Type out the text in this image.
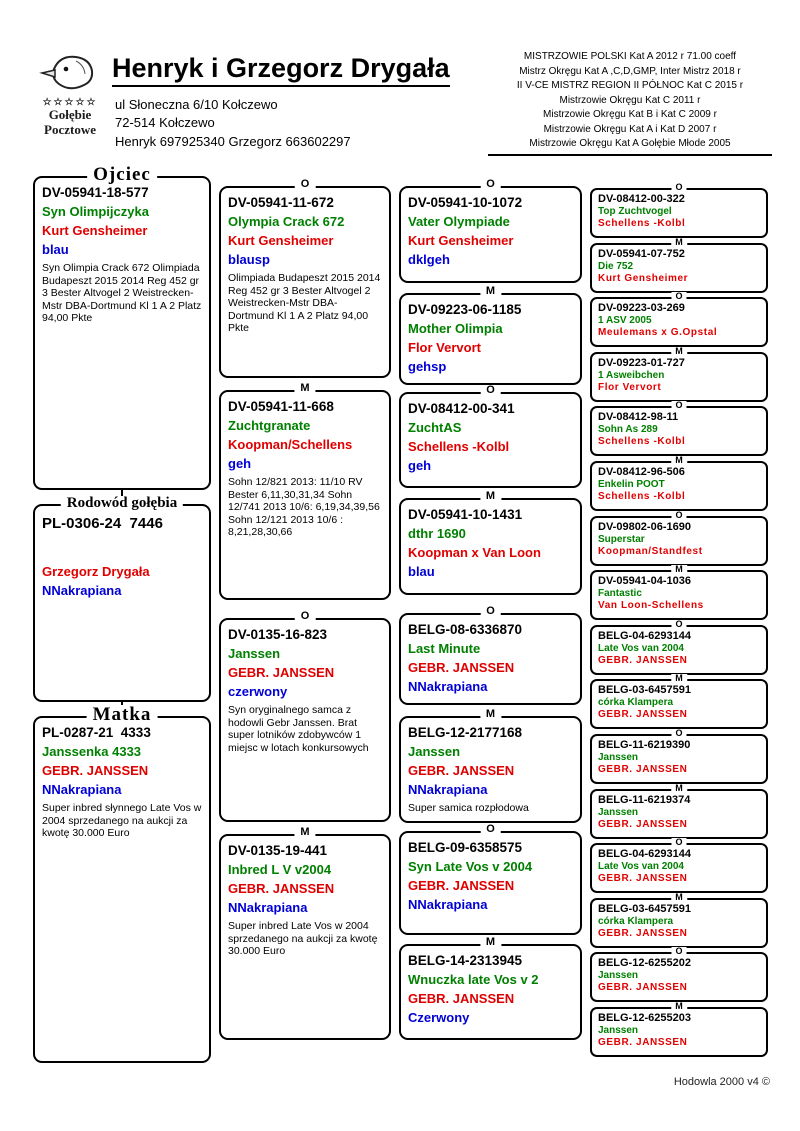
☆☆☆☆☆
Gołębie
Pocztowe
Henryk i Grzegorz Drygała
ul Słoneczna 6/10 Kołczewo
72-514 Kołczewo
Henryk 697925340 Grzegorz 663602297
MISTRZOWIE POLSKI Kat A 2012 r 71.00 coeff
Mistrz Okręgu Kat A ,C,D,GMP, Inter Mistrz 2018 r
II V-CE MISTRZ REGION II PÓŁNOC Kat C 2015 r
Mistrzowie Okręgu Kat C 2011 r
Mistrzowie Okręgu Kat B i Kat C 2009 r
Mistrzowie Okręgu Kat A i Kat D 2007 r
Mistrzowie Okręgu Kat A Gołębie Młode 2005
Ojciec
DV-05941-18-577
Syn Olimpijczyka
Kurt Gensheimer
blau
Syn Olimpia Crack 672 Olimpiada Budapeszt 2015 2014 Reg 452 gr 3 Bester Altvogel 2 Weistrecken-Mstr DBA-Dortmund Kl 1 A 2 Platz 94,00 Pkte
Rodowód gołębia
PL-0306-24  7446
Grzegorz Drygała
NNakrapiana
Matka
PL-0287-21  4333
Janssenka 4333
GEBR. JANSSEN
NNakrapiana
Super inbred słynnego Late Vos w 2004 sprzedanego na aukcji za kwotę 30.000 Euro
O
DV-05941-11-672
Olympia Crack 672
Kurt Gensheimer
blausp
Olimpiada Budapeszt 2015 2014 Reg 452 gr 3 Bester Altvogel 2 Weistrecken-Mstr DBA-Dortmund Kl 1 A 2 Platz 94,00 Pkte
M
DV-05941-11-668
Zuchtgranate
Koopman/Schellens
geh
Sohn 12/821 2013: 11/10 RV Bester 6,11,30,31,34 Sohn 12/741 2013 10/6: 6,19,34,39,56 Sohn 12/121 2013 10/6 : 8,21,28,30,66
O
DV-0135-16-823
Janssen
GEBR. JANSSEN
czerwony
Syn oryginalnego samca z hodowli Gebr Janssen. Brat super lotników zdobywców 1 miejsc w lotach konkursowych
M
DV-0135-19-441
Inbred L V v2004
GEBR. JANSSEN
NNakrapiana
Super inbred Late Vos w 2004 sprzedanego na aukcji za kwotę 30.000 Euro
O
DV-05941-10-1072
Vater Olympiade
Kurt Gensheimer
dklgeh
M
DV-09223-06-1185
Mother Olimpia
Flor Vervort
gehsp
O
DV-08412-00-341
ZuchtAS
Schellens -Kolbl
geh
M
DV-05941-10-1431
dthr 1690
Koopman x Van Loon
blau
O
BELG-08-6336870
Last Minute
GEBR. JANSSEN
NNakrapiana
M
BELG-12-2177168
Janssen
GEBR. JANSSEN
NNakrapiana
Super samica rozpłodowa
O
BELG-09-6358575
Syn Late Vos v 2004
GEBR. JANSSEN
NNakrapiana
M
BELG-14-2313945
Wnuczka late Vos v 2
GEBR. JANSSEN
Czerwony
O
DV-08412-00-322
Top Zuchtvogel
Schellens -Kolbl
M
DV-05941-07-752
Die 752
Kurt Gensheimer
O
DV-09223-03-269
1 ASV 2005
Meulemans x G.Opstal
M
DV-09223-01-727
1 Asweibchen
Flor Vervort
O
DV-08412-98-11
Sohn As 289
Schellens -Kolbl
M
DV-08412-96-506
Enkelin POOT
Schellens -Kolbl
O
DV-09802-06-1690
Superstar
Koopman/Standfest
M
DV-05941-04-1036
Fantastic
Van Loon-Schellens
O
BELG-04-6293144
Late Vos van 2004
GEBR. JANSSEN
M
BELG-03-6457591
córka Klampera
GEBR. JANSSEN
O
BELG-11-6219390
Janssen
GEBR. JANSSEN
M
BELG-11-6219374
Janssen
GEBR. JANSSEN
O
BELG-04-6293144
Late Vos van 2004
GEBR. JANSSEN
M
BELG-03-6457591
córka Klampera
GEBR. JANSSEN
O
BELG-12-6255202
Janssen
GEBR. JANSSEN
M
BELG-12-6255203
Janssen
GEBR. JANSSEN
Hodowla 2000 v4 ©
